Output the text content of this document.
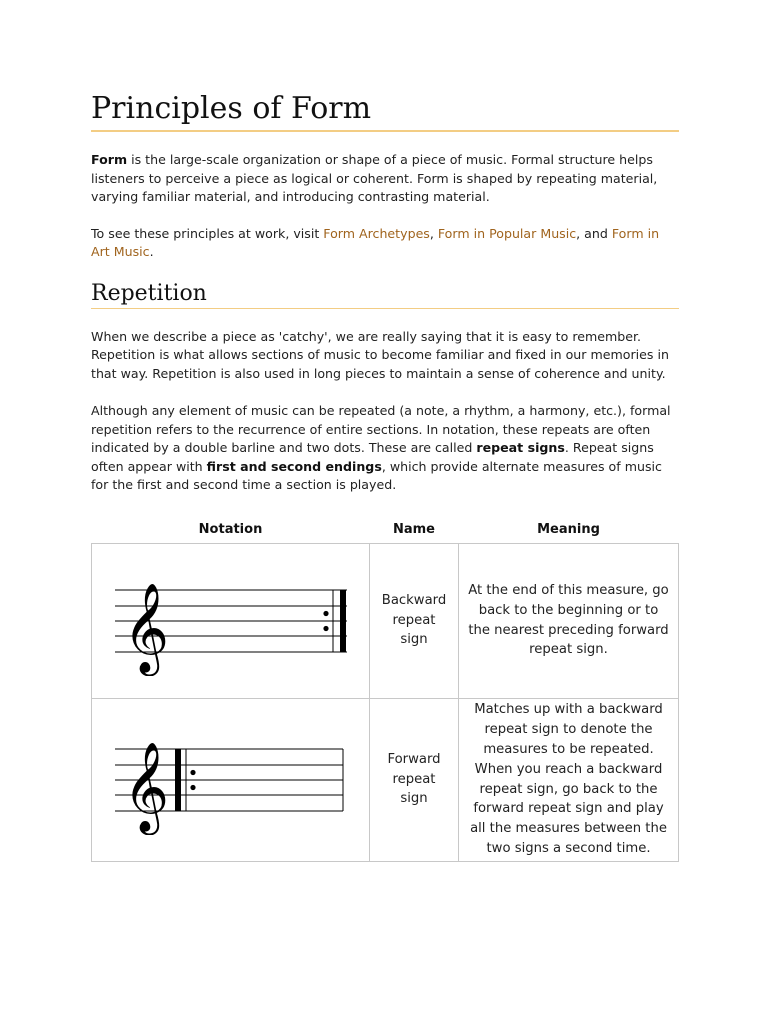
Principles of Form

Form is the large-scale organization or shape of a piece of music. Formal structure helps listeners to perceive a piece as logical or coherent. Form is shaped by repeating material, varying familiar material, and introducing contrasting material.

To see these principles at work, visit Form Archetypes, Form in Popular Music, and Form in Art Music.

Repetition

When we describe a piece as 'catchy', we are really saying that it is easy to remember. Repetition is what allows sections of music to become familiar and fixed in our memories in that way. Repetition is also used in long pieces to maintain a sense of coherence and unity.

Although any element of music can be repeated (a note, a rhythm, a harmony, etc.), formal repetition refers to the recurrence of entire sections. In notation, these repeats are often indicated by a double barline and two dots. These are called repeat signs. Repeat signs often appear with first and second endings, which provide alternate measures of music for the first and second time a section is played.

Notation	Name	Meaning

𝄞	Backward repeat sign	At the end of this measure, go back to the beginning or to the nearest preceding forward repeat sign.

𝄞	Forward repeat sign	Matches up with a backward repeat sign to denote the measures to be repeated. When you reach a backward repeat sign, go back to the forward repeat sign and play all the measures between the two signs a second time.
